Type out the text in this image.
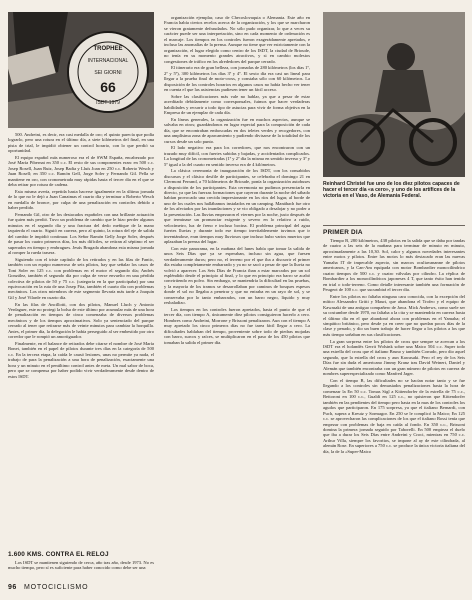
TROPHEE
INTERNACIONAL
SEI GIORNI
66
ISDT 1979
Reinhard Christel fue uno de los diez pilotos capaces de hacer el tercer día «a cero», y uno de los artífices de la victoria en el Vaso, de Alemania Federal.

500. Andreini, es decir, era casi medalla de oro; el quinto parecía que podía lograrlo, pero una rotura en el último día, a siete kilómetros del final, en una pista de trial, le impidió obtener un control horario, con lo que perdió su oportunidad.

El equipo español más numeroso era el de SWM España, encabezado por José María Pibernat en 350 c.c. El resto de sus componentes eran: en 500 c.c. Josep Rosell, Juan Ruiz, Josep Badia y Lluís Joan en 250 c.c. Roberto Wesch y Juan Rosell; en 350 c.c. Ramón Gell, Jorge Soler y Fernando Gil. Pella se mantiene en oro, con cronometrada muy rápidas hasta el tercer día en el que se deba retirar por rotura de cadena.

Esta misma avería, repetida hasta hacerse igualmente en la última jornada de lo que no le dejó a Juan Canaimas el cuarto día y terminar a Roberto Wesch en medalla de bronce, por culpa de una penalización en controles debido a haber perdido.

Fernando Gil, otro de los destacados españoles con una brillante actuación fue quien más perdió. Tuvo un problema de cambio que le hizo perder algunos minutos en el segundo día y una fractura del dedo meñique de la mano izquierda el cuarto. Siguió en carrera, pero al quinto, la rotura del eje de salida del cambio le impidió continuar. Los Señor Ramón Gelly Jorge Soler, después de pasar los cuatro primeros días, los más difíciles, se retiran al séptimo el ser superados en tiempo y embragues. Jesús Brugada abandona esta misma jornada al romper la rueda trasera.

Siguiendo con el triste capítulo de los retirados y en las filas de Fantic, también con un equipo numeroso de seis pilotos, hay que señalar los casos de Toni Soler en 125 c.c. con problemas en el motor el segundo día; Andrés González, también el segundo día por culpa de verse envuelto en una pérdida colectiva de pilotos de 50 y 75 c.c. (categoría en la que participaba) por una equivocación en la ruta de una Josep Fita, también el cuarto día con problemas mecánicos. Los otros miembros de este segmento llevaría más tarde a Joaquín Gil y José Vilarde en cuarto día.

En las filas de Ancillotti, con dos pilotos, Manuel Lluch y Antonio Verdaguer, este no protegi la bolsa de este último por acumular más de una hora de penalización en tiempos de cinco comenzaba de diversos problemas mecánicos y de los tiempos aproximativos. Solo ya sentenciado del parque cerrado al tener que retirarse más de veinte minutos para cambiar la horquilla. Antes, el primer día, la delegación le había perseguido al ser embestido por otro corredor que le rompió un amortiguador.

Finalmente, en el balance de retirados debe citarse el nombre de José María Bonet, también en el papel de pilotos durante tres días en la categoría de 500 c.c. En la tercera etapa, la caída le causó lesiones, unas no permite ya nada, el trabajo de para la penalización a una hora de penalización, exactamente una hora y un minuto en el penúltimo control antes de meta. Un mal sabor de boca, pero que se compensa por haber podido vivir verdaderamente desde dentro de estos ISDT.

1.600 KMS. CONTRA EL RELOJ

Los ISDT se mantienen siguiendo de cerca, año tras año, desde 1973. No es mucho tiempo, pero sí es suficiente para haber conocido como debe ser una

organización ejemplar, caso de Checoslovaquia o Alemania. Este año en Francia había ciertos recelos acerca de la organización, y los que se marcharon se vieron gratamente defraudados. No sólo pudo organizar, lo que a veces su carácter puede ser una interpretación, sino en cada momento de ordenación es el marcaje. Los tiempos en los controles fueron exagerádamente apretados, e incluso las anomalías de la prensa. Aunque no tiene que ver estrictamente con la organización, el lugar elegido como centro de los ISDT, la ciudad de Brioude, no tenía en su momento grandes atractivos, y si en cambio molestos congestiones de tráfico en los alrededores del parque cerrado.

El itinerario era de gran belleza, con jornadas de 280 kilómetros (los días 1º, 2º y 5º), 300 kilómetros los días 3º y 4º. El sexto día era casi un lineal para llegar a la prueba final de moto-cross, y constaba sólo con 60 kilómetros. La disposición de los controles horarios en algunos casos no había hecho ver tener en cuenta el que las asistencias pudiesen tener un fácil acceso.

Sobre las clasificaciones más vale no hablar, ya que a pesar de estar acreditado debidamente como corresponsales, fuimos que hacer verdaderas habilidades y recurrir a todo tipo de astucias para vivir de forma objetiva en la Empresa de un ejemplar de cada día.

En líneas generales, la organización fue en muchos aspectos, aunque se salvaba en otros; guardándonos en lugar especial para la composición de cada día, que se encontraban emboscadas en dos teletes verdes y recogedores, con una amplísima zona de aparcamiento y pudiendo divisarse de la totalidad de los cursos desde un solo punto.

El lado negativo era para los corredores, que nos encontraron con un trazado muy difícil, con fuertes subidas y bajadas, y accidentados complicados. La longitud de las cronometradas (1º y 2º día la misma en sentido inverso y 3º y 5º igual a la del cuarto en sentido inverso era de 4 kilómetros.

La clásica ceremonia de inauguración de los ISDT, con los consabidos discursos y el clásico desfile de participantes, se celebraba el domingo 21 en Clermont Ferrand, a 70 kilómetros de Brioude, ponía la organización autobuses a disposición de los participantes. Esta ceremonia no pudimos presenciarla en directo, ya que las fuerzas formaciones que cayeron durante la noche del sábado habían provocado una crecida impresionante en los ríos del lugar, al borde de uno de los cuales nos hallábamos instalados en un camping. Manáhach fue otro de los afectados por las inundaciones y se vio obligado a desalojar y no poder a la presentación. Las lluvias empezaron el viernes por la noche, justo después de que terminase un pronunciar exigente y severo en lo relativo a ruido, velocímetro, luz de freno e incluso bocina. El problema principal del agua fuertes lluvias y durante todo ese tiempo inevitablemente tuvimos que ir inventándose, eran tiempos muy lluviosos que incluso hubo varios muertos que aplazaban la prensa del lugar.

Con este panorama, en la mañana del lunes había que tomar la salida de unos Seis Días que ya se esperaban, incluso sin agua, que fuesen verdaderamente duros; pero no, el terreno por el que iba a discurrir el primer día estaba completamente embarrado y ya no se sacó a pesar de que la lluvia no volvió a aparecer. Los Seis Días de Francia iban a estar marcados por un sol espléndido desde el principio al final, y lo que en principio era barro se acabó convirtiendo en polvo. Sin embargo, se mantendría la dificultad en las pruebas, y la mayoría de los tramos se desarrollaban por caminos de bosques espesos donde el sol no llegaba a penetrar y que no entraba en un rayo de sol, y se conservaba por lo tanto embarrados, con un barro negro, líquido y muy resbaladizo.

Los tiempos en los controles fueron apretados, hasta el punto de que el tercer día, con tiempo A, únicamente diez pilotos consiguieron hacerlo a cero. Hombres como Andreini, Morrone y Brissoni penalizaron. Aun con el tiempo A muy apretado los cinco primeros días no fue tarea fácil llegar a cero. La dificultades hablaban del tiempo, proveniente sobre todo de piedras mojadas con barro, surcos y raíces, se multiplicaron en el paso de los 450 pilotos que tomaban la salida el primer día.

PRIMER DIA

Tiempo B, 280 kilómetros, 438 pilotos en la salida que se daba por tandas de cuatro a las seis de la mañana para terminar de minuto en minuto, aproximadamente a las 10,30. Sol, calor y algunos novedades interesantes entre motos y pilotos. Entre las motos lo más destacado eran las nuevas Yamaha IT de impecable aspecto, sin marcos ocultavananne de pilotos americanos, y la Can-Am equipada con motor Bombardier monocilíndrico cuatro tiempos de 500 c.c. y cuatro válvulas por cilindro. La réplica de Bombardier a los monocilíndricos japoneses 4 T, que tanto éxito han tenido en trial o todo-terreno. Como detalle interesante también una formación de Peugeot de 100 c.c. que sucumbirá el tercer día.

Entre los pilotos no faltaba ninguna cara conocida, con la excepción del mítico Alessandro Gritti y Mauri, que abandona el Trofeo y el equipo de Kawasaki de una antiguo compañero de Jawa. Mick Andrews, como suele ser su costumbre desde 1970, no faltaba a la cita y se mantendría en carrera hasta el último día en el que abandonó ahora con problemas en el Yamaha; el simpático británico, pero desde ya en creer que no quedan pocos días de la clase y penado, y dio un buen trabajo de hacer llegar a los pilotos a los que más tiempo soñaban en sus clasificaciones.

La gran sorpresa entre los pilotos de cross que sempre se acercan a los ISDT era el holandés Gerrit Wolsink sobre una Maico 504 c.c. Super todo una estrella del cross que el italiano Bruno y también Corrado, pero dio aquel segundo, que la estrella del cross y aun Kawasaki. Pero el rey de los Seis Días fue sin duda el americano Jimmy Kranz tras David Weinert, Daniel y Alemán que también encontraba con un gran número de pilotos en carrera de nombres superespecializado como Manfred Jager.

Con el tiempo B, las dificultades no se hacían notar tanto y se fue llegando a los controles sin demasiados penalizaciones hasta la hora de comenzar la En 50 c.c. Tomas Sigl a Kittendorfer de la estrella de 75 c.c., Bettoroni en 100 c.c., Gualdi en 125 c.c., no quisieron que Kittendorfer también en las pendientes del tiempo pero hasta en la mas de los controles los agudos que participaron. En 175 sorpresa, ya que el italiano Bernardi, con Puch, supera a Kreutz y Sormagor. En 250 se le complicó la Maico; En 125 c.c. se aprovecharon las complicaciones de los que el italiano Rossi tenía que empezar con problemas de baja en caída al fondo. En 350 c.c., Brissoni domina la primera jornada seguido por Taborelli. En 500 empieza el duelo que iba a durar los Seis Días entre Andreini y Croci, mientras en 750 c.c. Arthur Villa, siempre los favoritos, se impone al ay de este cilindrada, al alemán Rose. En superiores a 750 c.c. se produce la única victoria italiana del día, la de la «Super-Maico

96 MOTOCICLISMO
